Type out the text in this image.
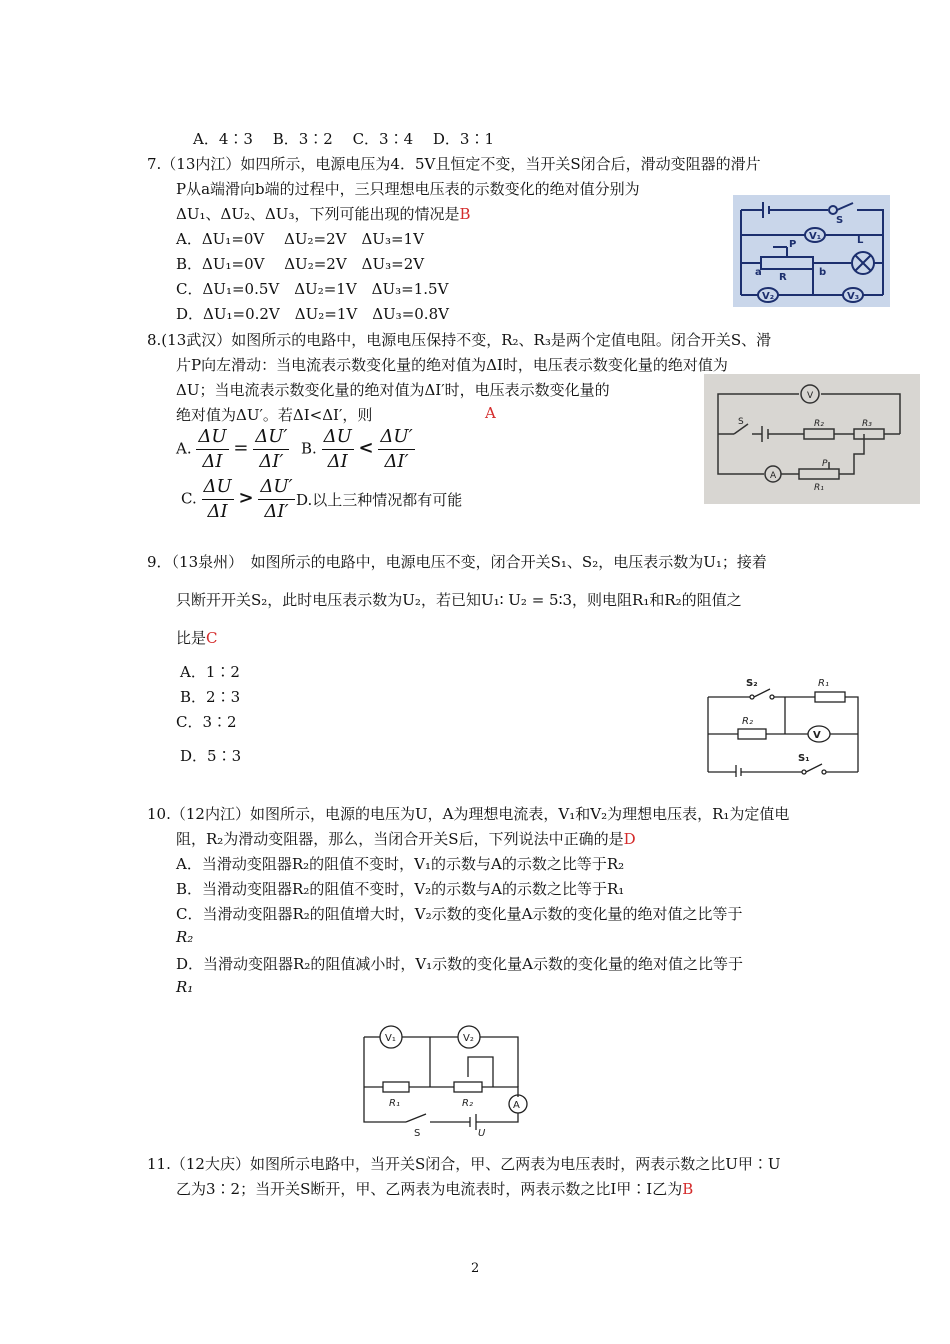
A．4∶3　 B．3∶2　 C．3∶4　 D．3∶1
7.（13内江）如四所示，电源电压为4．5V且恒定不变，当开关S闭合后，滑动变阻器的滑片
P从a端滑向b端的过程中，三只理想电压表的示数变化的绝对值分别为
ΔU₁、ΔU₂、ΔU₃，下列可能出现的情况是B
A．ΔU₁=0V　 ΔU₂=2V　ΔU₃=1V
B．ΔU₁=0V　 ΔU₂=2V　ΔU₃=2V
C．ΔU₁=0.5V　ΔU₂=1V　ΔU₃=1.5V
D．ΔU₁=0.2V　ΔU₂=1V　ΔU₃=0.8V
S
V₁
P	L
a R	b
V₂	V₃
8.(13武汉）如图所示的电路中，电源电压保持不变，R₂、R₃是两个定值电阻。闭合开关S、滑
片P向左滑动：当电流表示数变化量的绝对值为ΔI时，电压表示数变化量的绝对值为
ΔU；当电流表示数变化量的绝对值为ΔI′时，电压表示数变化量的
绝对值为ΔU′。若ΔI<ΔI′，则	A
A. $\frac{\Delta U}{\Delta I} = \frac{\Delta U'}{\Delta I'} B$. $\frac{\Delta U}{\Delta I} < \frac{\Delta U'}{\Delta I'}$
C. $\frac{\Delta U}{\Delta I} > \frac{\Delta U'}{\Delta I'} D$.以上三种情况都有可能
V
S	R₂	R₃
A
P
R₁
9．（13泉州）　如图所示的电路中，电源电压不变，闭合开关S₁、S₂，电压表示数为U₁；接着
只断开开关S₂，此时电压表示数为U₂，若已知U₁∶ U₂ = 5∶3，则电阻R₁和R₂的阻值之
比是C
A．1∶2
B．2∶3
C．3∶2
D．5∶3
S₂	R₁
R₂
V
S₁
10.（12内江）如图所示，电源的电压为U，A为理想电流表，V₁和V₂为理想电压表，R₁为定值电
阻，R₂为滑动变阻器，那么，当闭合开关S后，下列说法中正确的是D
A．当滑动变阻器R₂的阻值不变时，V₁的示数与A的示数之比等于R₂
B．当滑动变阻器R₂的阻值不变时，V₂的示数与A的示数之比等于R₁
C．当滑动变阻器R₂的阻值增大时，V₂示数的变化量A示数的变化量的绝对值之比等于
R₂
D．当滑动变阻器R₂的阻值减小时，V₁示数的变化量A示数的变化量的绝对值之比等于
R₁
V₁	V₂
R₁	R₂	A
S	U
11.（12大庆）如图所示电路中，当开关S闭合，甲、乙两表为电压表时，两表示数之比U甲∶U
乙为3∶2；当开关S断开，甲、乙两表为电流表时，两表示数之比I甲∶I乙为B
2
